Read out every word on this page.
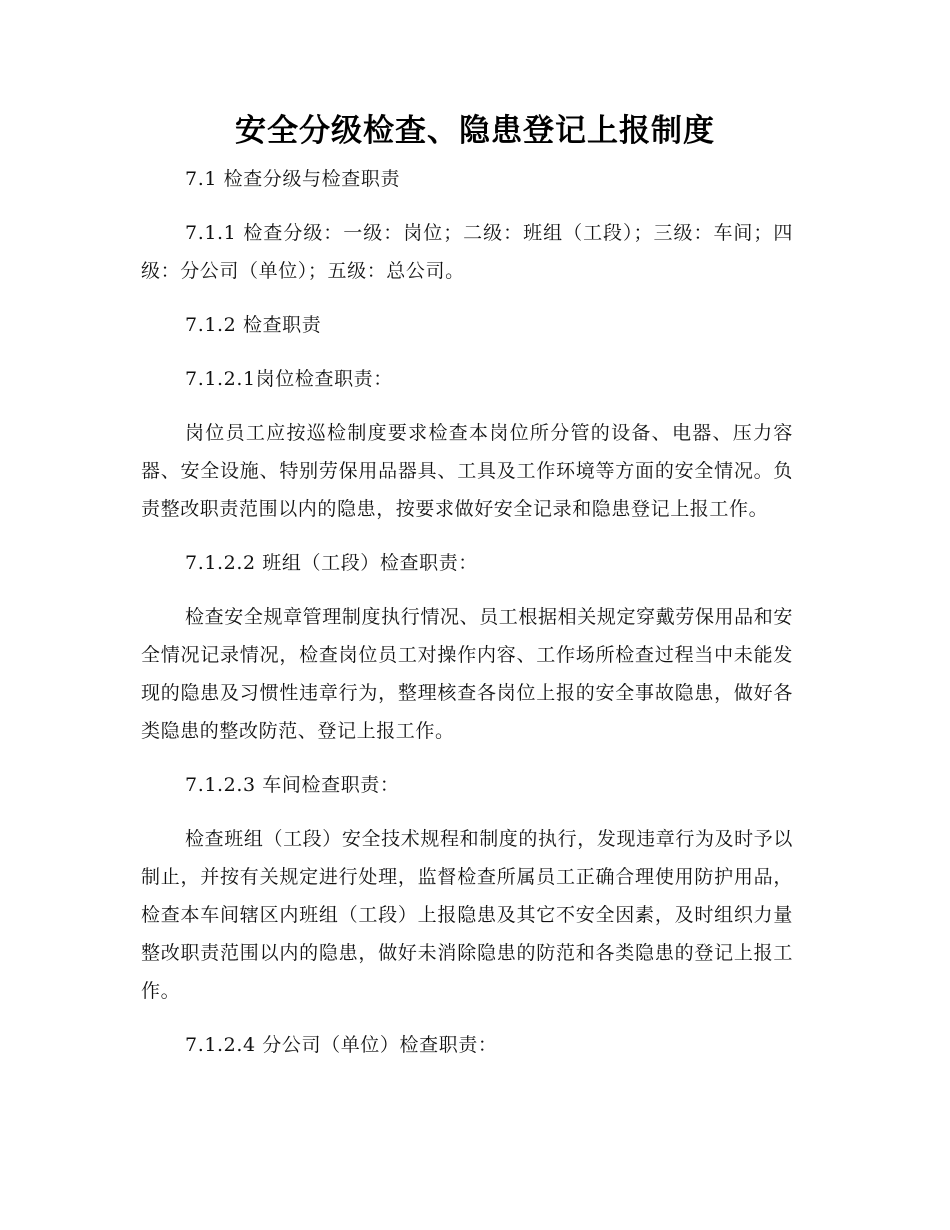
安全分级检查、隐患登记上报制度

7.1 检查分级与检查职责

7.1.1 检查分级：一级：岗位；二级：班组（工段）；三级：车间；四级：分公司（单位）；五级：总公司。

7.1.2 检查职责

7.1.2.1岗位检查职责：

岗位员工应按巡检制度要求检查本岗位所分管的设备、电器、压力容器、安全设施、特别劳保用品器具、工具及工作环境等方面的安全情况。负责整改职责范围以内的隐患，按要求做好安全记录和隐患登记上报工作。

7.1.2.2 班组（工段）检查职责：

检查安全规章管理制度执行情况、员工根据相关规定穿戴劳保用品和安全情况记录情况，检查岗位员工对操作内容、工作场所检查过程当中未能发现的隐患及习惯性违章行为，整理核查各岗位上报的安全事故隐患，做好各类隐患的整改防范、登记上报工作。

7.1.2.3 车间检查职责：

检查班组（工段）安全技术规程和制度的执行，发现违章行为及时予以制止，并按有关规定进行处理，监督检查所属员工正确合理使用防护用品，检查本车间辖区内班组（工段）上报隐患及其它不安全因素，及时组织力量整改职责范围以内的隐患，做好未消除隐患的防范和各类隐患的登记上报工作。

7.1.2.4 分公司（单位）检查职责：
